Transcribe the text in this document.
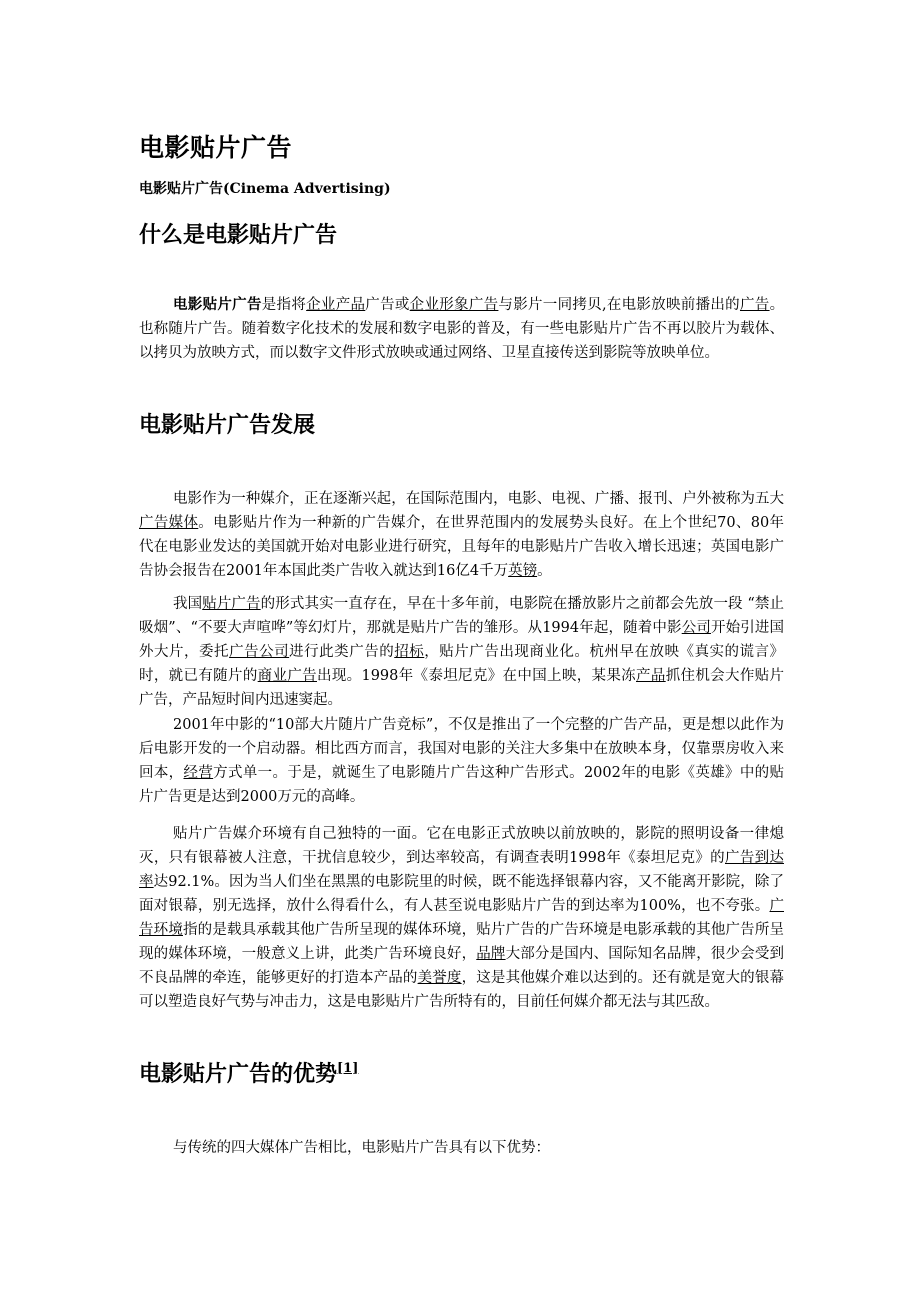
电影贴片广告
电影贴片广告(Cinema Advertising)
什么是电影贴片广告

电影贴片广告是指将企业产品广告或企业形象广告与影片一同拷贝,在电影放映前播出的广告。也称随片广告。随着数字化技术的发展和数字电影的普及，有一些电影贴片广告不再以胶片为载体、以拷贝为放映方式，而以数字文件形式放映或通过网络、卫星直接传送到影院等放映单位。

电影贴片广告发展

电影作为一种媒介，正在逐渐兴起，在国际范围内，电影、电视、广播、报刊、户外被称为五大广告媒体。电影贴片作为一种新的广告媒介，在世界范围内的发展势头良好。在上个世纪70、80年代在电影业发达的美国就开始对电影业进行研究，且每年的电影贴片广告收入增长迅速；英国电影广告协会报告在2001年本国此类广告收入就达到16亿4千万英镑。

我国贴片广告的形式其实一直存在，早在十多年前，电影院在播放影片之前都会先放一段 “禁止吸烟”、“不要大声喧哗”等幻灯片，那就是贴片广告的雏形。从1994年起，随着中影公司开始引进国外大片，委托广告公司进行此类广告的招标，贴片广告出现商业化。杭州早在放映《真实的谎言》时，就已有随片的商业广告出现。1998年《泰坦尼克》在中国上映，某果冻产品抓住机会大作贴片广告，产品短时间内迅速窦起。

2001年中影的“10部大片随片广告竞标”，不仅是推出了一个完整的广告产品，更是想以此作为后电影开发的一个启动器。相比西方而言，我国对电影的关注大多集中在放映本身，仅靠票房收入来回本，经营方式单一。于是，就诞生了电影随片广告这种广告形式。2002年的电影《英雄》中的贴片广告更是达到2000万元的高峰。

贴片广告媒介环境有自己独特的一面。它在电影正式放映以前放映的，影院的照明设备一律熄灭，只有银幕被人注意，干扰信息较少，到达率较高，有调查表明1998年《泰坦尼克》的广告到达率达92.1%。因为当人们坐在黑黑的电影院里的时候，既不能选择银幕内容，又不能离开影院，除了面对银幕，别无选择，放什么得看什么，有人甚至说电影贴片广告的到达率为100%，也不夸张。广告环境指的是载具承载其他广告所呈现的媒体环境，贴片广告的广告环境是电影承载的其他广告所呈现的媒体环境，一般意义上讲，此类广告环境良好，品牌大部分是国内、国际知名品牌，很少会受到不良品牌的牵连，能够更好的打造本产品的美誉度，这是其他媒介难以达到的。还有就是宽大的银幕可以塑造良好气势与冲击力，这是电影贴片广告所特有的，目前任何媒介都无法与其匹敌。

电影贴片广告的优势[1]

与传统的四大媒体广告相比，电影贴片广告具有以下优势：
